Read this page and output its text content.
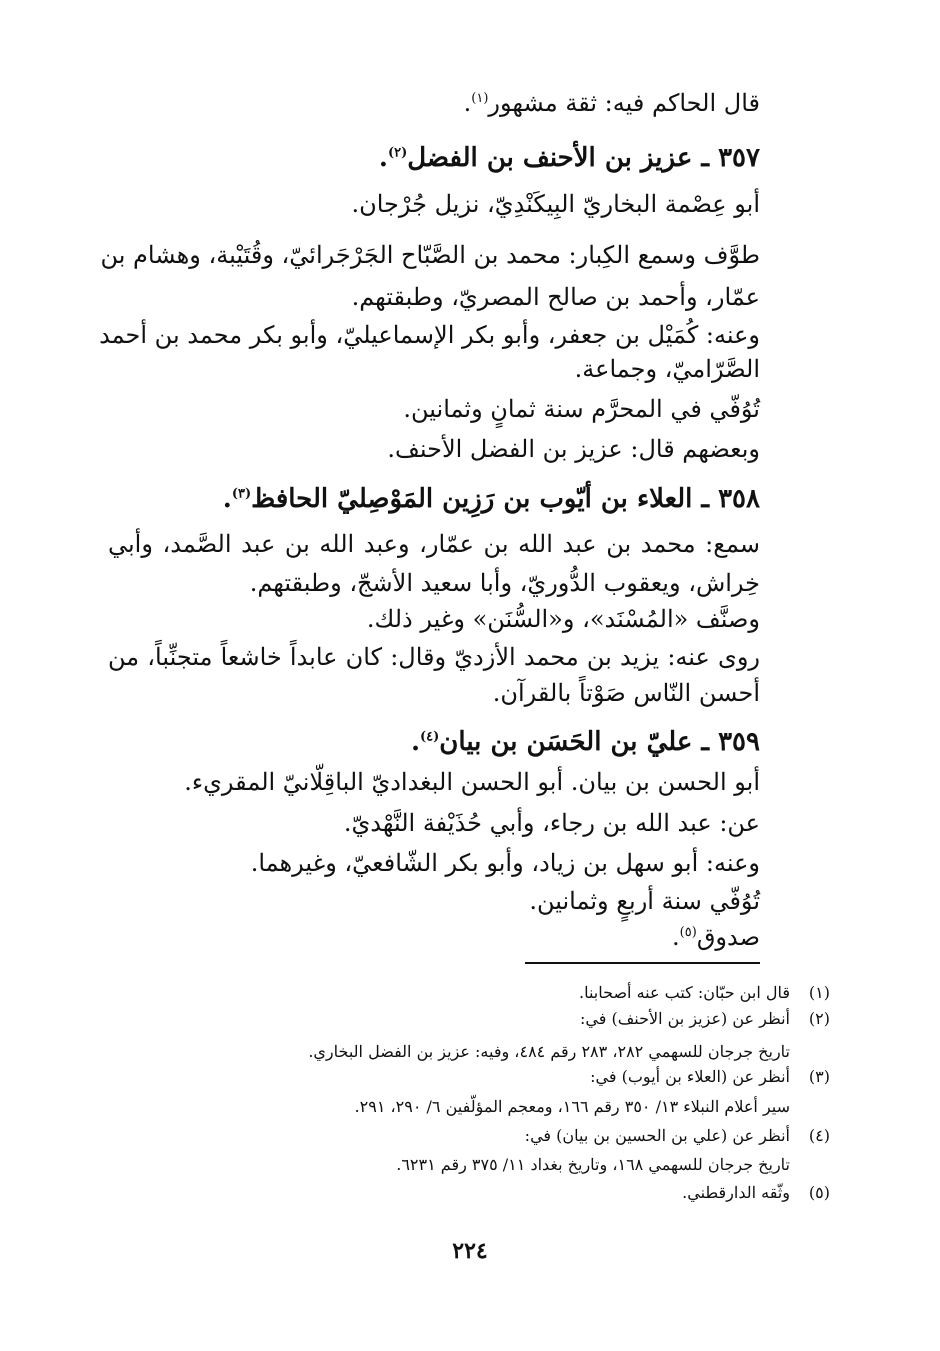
قال الحاكم فيه: ثقة مشهور$^{(١)}$.
٣٥٧ ـ عزيز بن الأحنف بن الفضل$^{(٢)}$.
أبو عِصْمة البخاريّ البِيكَنْدِيّ، نزيل جُرْجان.
طوَّف وسمع الكِبار: محمد بن الصَّبّاح الجَرْجَرائيّ، وقُتَيْبة، وهشام بن
عمّار، وأحمد بن صالح المصريّ، وطبقتهم.
وعنه: كُمَيْل بن جعفر، وأبو بكر الإسماعيليّ، وأبو بكر محمد بن أحمد
الصَّرّاميّ، وجماعة.
تُوُفّي في المحرَّم سنة ثمانٍ وثمانين.
وبعضهم قال: عزيز بن الفضل الأحنف.
٣٥٨ ـ العلاء بن أيّوب بن رَزِين المَوْصِليّ الحافظ$^{(٣)}$.
سمع: محمد بن عبد الله بن عمّار، وعبد الله بن عبد الصَّمد، وأبي
خِراش، ويعقوب الدُّوريّ، وأبا سعيد الأشجّ، وطبقتهم.
وصنَّف «المُسْنَد»، و«السُّنَن» وغير ذلك.
روى عنه: يزيد بن محمد الأزديّ وقال: كان عابداً خاشعاً متجنِّباً، من
أحسن النّاس صَوْتاً بالقرآن.
٣٥٩ ـ عليّ بن الحَسَن بن بيان$^{(٤)}$.
أبو الحسن بن بيان. أبو الحسن البغداديّ الباقِلّانيّ المقريء.
عن: عبد الله بن رجاء، وأبي حُذَيْفة النَّهْديّ.
وعنه: أبو سهل بن زياد، وأبو بكر الشّافعيّ، وغيرهما.
تُوُفّي سنة أربعٍ وثمانين.
صدوق$^{(٥)}$.
(١)
قال ابن حبّان: كتب عنه أصحابنا.
(٢)
أنظر عن (عزيز بن الأحنف) في:
تاريخ جرجان للسهمي ٢٨٢، ٢٨٣ رقم ٤٨٤، وفيه: عزيز بن الفضل البخاري.
(٣)
أنظر عن (العلاء بن أيوب) في:
سير أعلام النبلاء ١٣/ ٣٥٠ رقم ١٦٦، ومعجم المؤلّفين ٦/ ٢٩٠، ٢٩١.
(٤)
أنظر عن (علي بن الحسين بن بيان) في:
تاريخ جرجان للسهمي ١٦٨، وتاريخ بغداد ١١/ ٣٧٥ رقم ٦٢٣١.
(٥)
وثّقه الدارقطني.
٢٢٤
